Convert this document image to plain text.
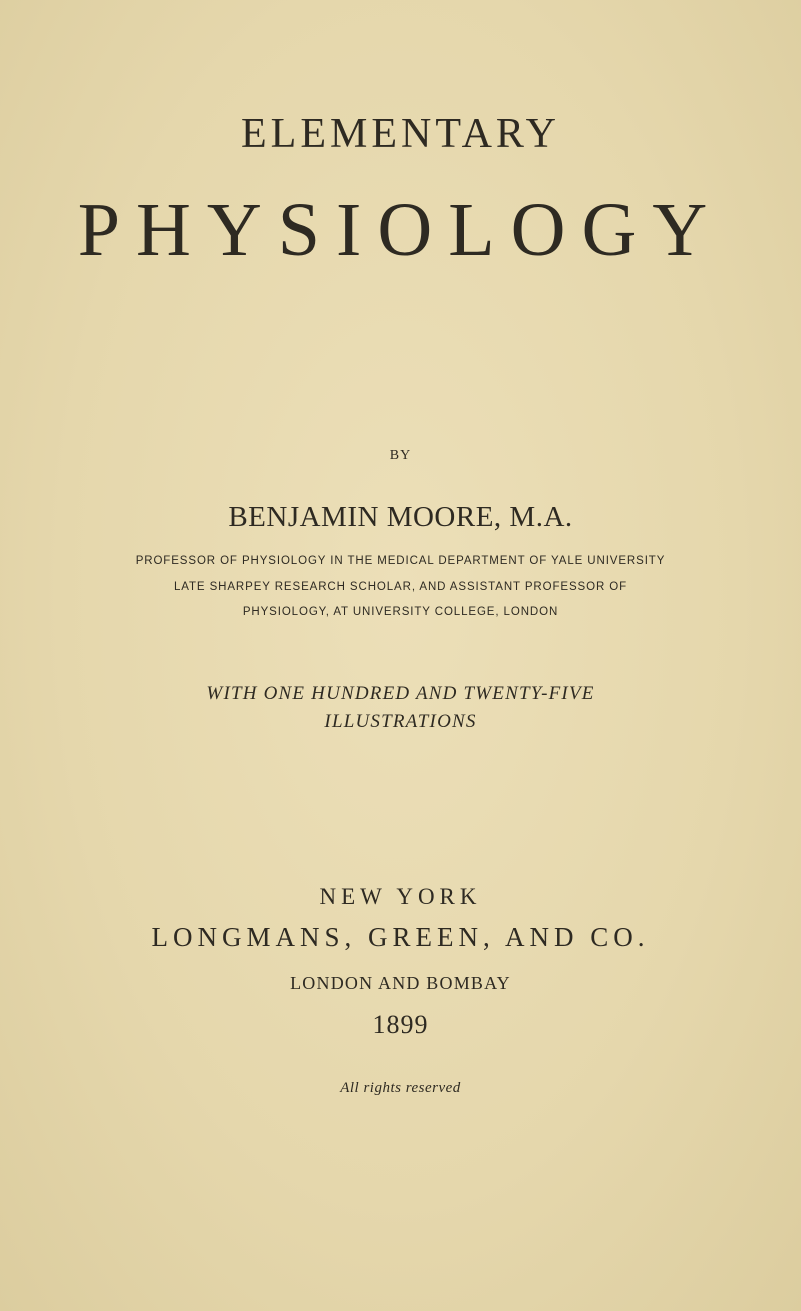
ELEMENTARY
PHYSIOLOGY
BY
BENJAMIN MOORE, M.A.
PROFESSOR OF PHYSIOLOGY IN THE MEDICAL DEPARTMENT OF YALE UNIVERSITY
LATE SHARPEY RESEARCH SCHOLAR, AND ASSISTANT PROFESSOR OF
PHYSIOLOGY, AT UNIVERSITY COLLEGE, LONDON
WITH ONE HUNDRED AND TWENTY-FIVE
ILLUSTRATIONS
NEW YORK
LONGMANS, GREEN, AND CO.
LONDON AND BOMBAY
1899
All rights reserved
